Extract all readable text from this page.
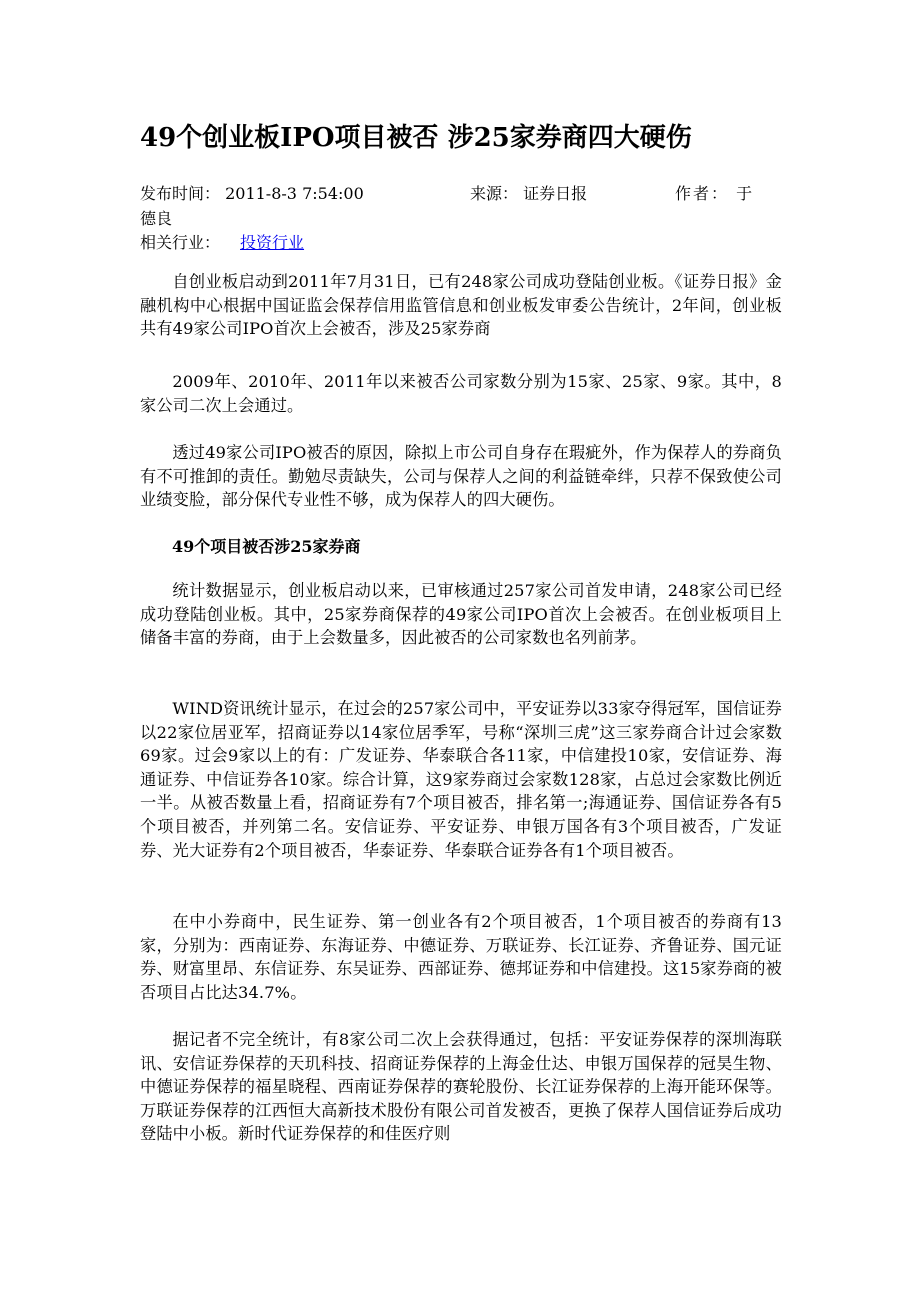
49个创业板IPO项目被否 涉25家券商四大硬伤
发布时间： 2011-8-3 7:54:00	来源： 证券日报	作者： 于
德良
相关行业： 投资行业

自创业板启动到2011年7月31日，已有248家公司成功登陆创业板。《证券日报》金融机构中心根据中国证监会保荐信用监管信息和创业板发审委公告统计，2年间，创业板共有49家公司IPO首次上会被否，涉及25家券商

2009年、2010年、2011年以来被否公司家数分别为15家、25家、9家。其中，8家公司二次上会通过。

透过49家公司IPO被否的原因，除拟上市公司自身存在瑕疵外，作为保荐人的券商负有不可推卸的责任。勤勉尽责缺失，公司与保荐人之间的利益链牵绊，只荐不保致使公司业绩变脸，部分保代专业性不够，成为保荐人的四大硬伤。

49个项目被否涉25家券商

统计数据显示，创业板启动以来，已审核通过257家公司首发申请，248家公司已经成功登陆创业板。其中，25家券商保荐的49家公司IPO首次上会被否。在创业板项目上储备丰富的券商，由于上会数量多，因此被否的公司家数也名列前茅。

WIND资讯统计显示，在过会的257家公司中，平安证券以33家夺得冠军，国信证券以22家位居亚军，招商证券以14家位居季军，号称“深圳三虎”这三家券商合计过会家数69家。过会9家以上的有：广发证券、华泰联合各11家，中信建投10家，安信证券、海通证券、中信证券各10家。综合计算，这9家券商过会家数128家，占总过会家数比例近一半。从被否数量上看，招商证券有7个项目被否，排名第一;海通证券、国信证券各有5个项目被否，并列第二名。安信证券、平安证券、申银万国各有3个项目被否，广发证券、光大证券有2个项目被否，华泰证券、华泰联合证券各有1个项目被否。

在中小券商中，民生证券、第一创业各有2个项目被否，1个项目被否的券商有13家，分别为：西南证券、东海证券、中德证券、万联证券、长江证券、齐鲁证券、国元证券、财富里昂、东信证券、东吴证券、西部证券、德邦证券和中信建投。这15家券商的被否项目占比达34.7%。

据记者不完全统计，有8家公司二次上会获得通过，包括：平安证券保荐的深圳海联讯、安信证券保荐的天玑科技、招商证券保荐的上海金仕达、申银万国保荐的冠昊生物、中德证券保荐的福星晓程、西南证券保荐的赛轮股份、长江证券保荐的上海开能环保等。万联证券保荐的江西恒大高新技术股份有限公司首发被否，更换了保荐人国信证券后成功登陆中小板。新时代证券保荐的和佳医疗则
